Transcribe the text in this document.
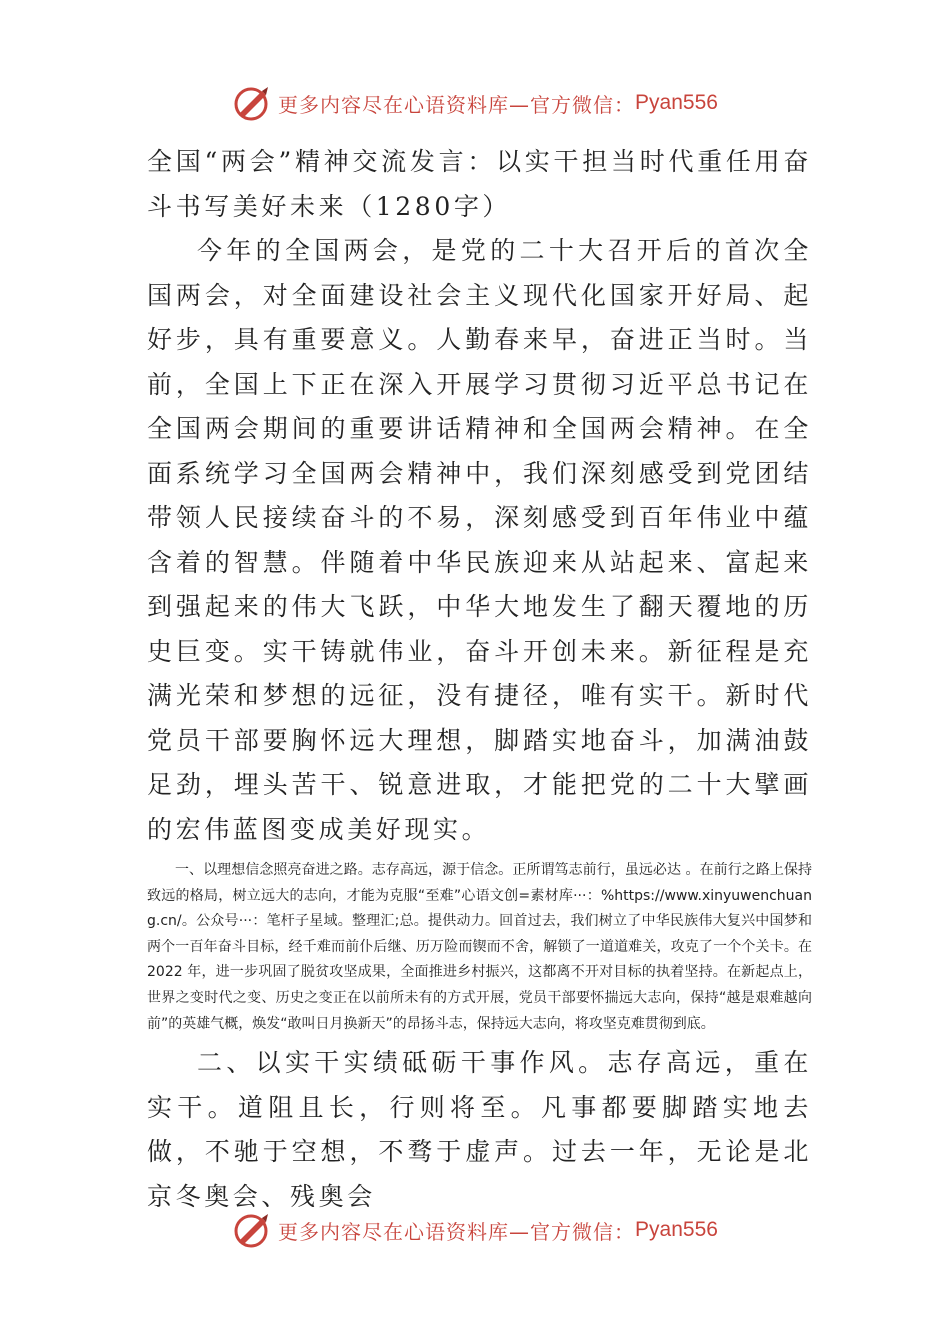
更多内容尽在心语资料库—官方微信： Pyan556

全国“两会”精神交流发言：以实干担当时代重任用奋斗书写美好未来（1280字）

今年的全国两会，是党的二十大召开后的首次全国两会，对全面建设社会主义现代化国家开好局、起好步，具有重要意义。人勤春来早，奋进正当时。当前，全国上下正在深入开展学习贯彻习近平总书记在全国两会期间的重要讲话精神和全国两会精神。在全面系统学习全国两会精神中，我们深刻感受到党团结带领人民接续奋斗的不易，深刻感受到百年伟业中蕴含着的智慧。伴随着中华民族迎来从站起来、富起来到强起来的伟大飞跃，中华大地发生了翻天覆地的历史巨变。实干铸就伟业，奋斗开创未来。新征程是充满光荣和梦想的远征，没有捷径，唯有实干。新时代党员干部要胸怀远大理想，脚踏实地奋斗，加满油鼓足劲，埋头苦干、锐意进取，才能把党的二十大擘画的宏伟蓝图变成美好现实。

一、以理想信念照亮奋进之路。志存高远，源于信念。正所谓笃志前行，虽远必达 。在前行之路上保持致远的格局，树立远大的志向，才能为克服“至难”心语文创=素材库···：%https://www.xinyuwenchuang.cn/。公众号···：笔杆子星域。整理汇;总。提供动力。回首过去，我们树立了中华民族伟大复兴中国梦和两个一百年奋斗目标，经千难而前仆后继、历万险而锲而不舍，解锁了一道道难关，攻克了一个个关卡。在 2022 年，进一步巩固了脱贫攻坚成果，全面推进乡村振兴，这都离不开对目标的执着坚持。在新起点上，世界之变时代之变、历史之变正在以前所未有的方式开展，党员干部要怀揣远大志向，保持“越是艰难越向前”的英雄气概，焕发“敢叫日月换新天”的昂扬斗志，保持远大志向，将攻坚克难贯彻到底。

二、以实干实绩砥砺干事作风。志存高远，重在实干。道阻且长，行则将至。凡事都要脚踏实地去做，不驰于空想，不骛于虚声。过去一年，无论是北京冬奥会、残奥会

更多内容尽在心语资料库—官方微信： Pyan556
